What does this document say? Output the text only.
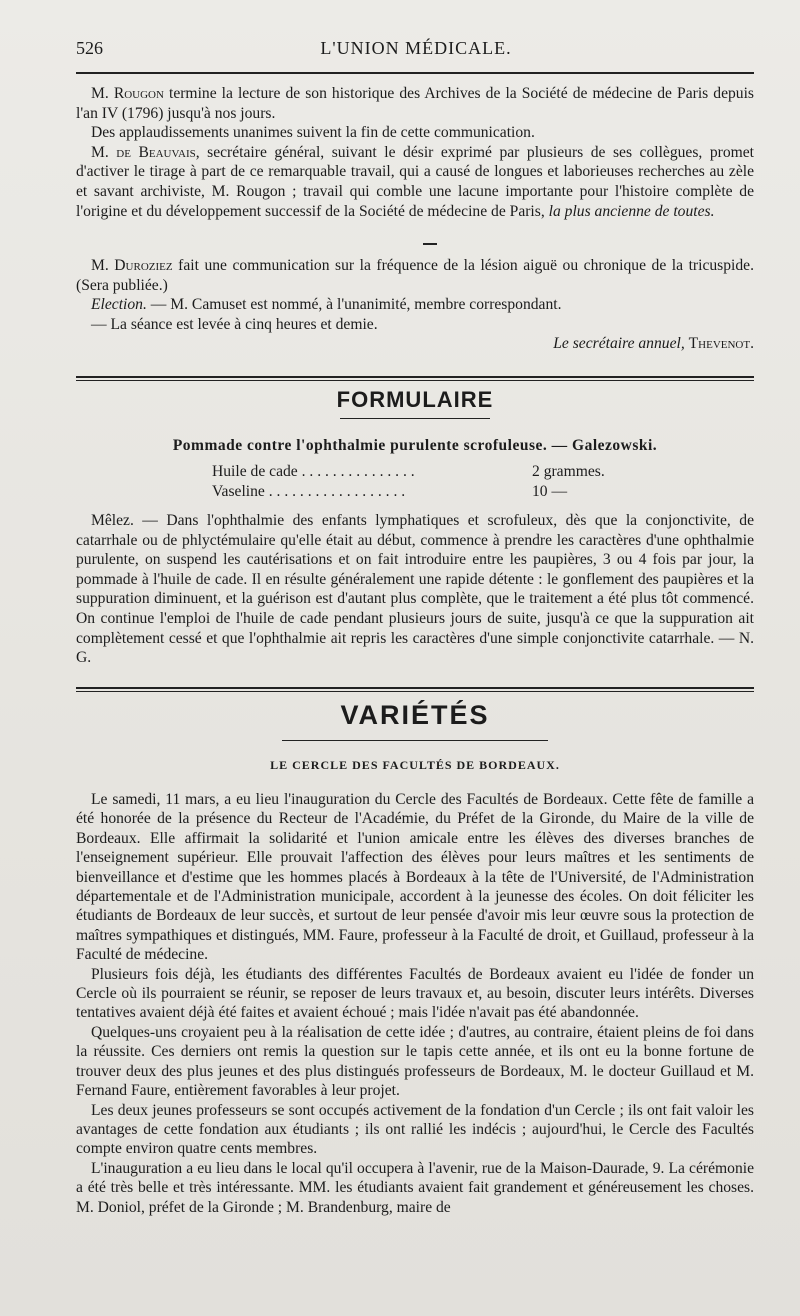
526	L'UNION MÉDICALE.

M. Rougon termine la lecture de son historique des Archives de la Société de médecine de Paris depuis l'an IV (1796) jusqu'à nos jours.

Des applaudissements unanimes suivent la fin de cette communication.

M. de Beauvais, secrétaire général, suivant le désir exprimé par plusieurs de ses collègues, promet d'activer le tirage à part de ce remarquable travail, qui a causé de longues et laborieuses recherches au zèle et savant archiviste, M. Rougon ; travail qui comble une lacune importante pour l'histoire complète de l'origine et du développement successif de la Société de médecine de Paris, la plus ancienne de toutes.

M. Duroziez fait une communication sur la fréquence de la lésion aiguë ou chronique de la tricuspide. (Sera publiée.)

Election. — M. Camuset est nommé, à l'unanimité, membre correspondant.

— La séance est levée à cinq heures et demie.

Le secrétaire annuel, Thevenot.
FORMULAIRE
Pommade contre l'ophthalmie purulente scrofuleuse. — Galezowski.
Huile de cade . . . . . . . . . . . . . . .	2 grammes.
Vaseline . . . . . . . . . . . . . . . . . .	10 —

Mêlez. — Dans l'ophthalmie des enfants lymphatiques et scrofuleux, dès que la conjonctivite, de catarrhale ou de phlyctémulaire qu'elle était au début, commence à prendre les caractères d'une ophthalmie purulente, on suspend les cautérisations et on fait introduire entre les paupières, 3 ou 4 fois par jour, la pommade à l'huile de cade. Il en résulte généralement une rapide détente : le gonflement des paupières et la suppuration diminuent, et la guérison est d'autant plus complète, que le traitement a été plus tôt commencé. On continue l'emploi de l'huile de cade pendant plusieurs jours de suite, jusqu'à ce que la suppuration ait complètement cessé et que l'ophthalmie ait repris les caractères d'une simple conjonctivite catarrhale. — N. G.

VARIÉTÉS
LE CERCLE DES FACULTÉS DE BORDEAUX.

Le samedi, 11 mars, a eu lieu l'inauguration du Cercle des Facultés de Bordeaux. Cette fête de famille a été honorée de la présence du Recteur de l'Académie, du Préfet de la Gironde, du Maire de la ville de Bordeaux. Elle affirmait la solidarité et l'union amicale entre les élèves des diverses branches de l'enseignement supérieur. Elle prouvait l'affection des élèves pour leurs maîtres et les sentiments de bienveillance et d'estime que les hommes placés à Bordeaux à la tête de l'Université, de l'Administration départementale et de l'Administration municipale, accordent à la jeunesse des écoles. On doit féliciter les étudiants de Bordeaux de leur succès, et surtout de leur pensée d'avoir mis leur œuvre sous la protection de maîtres sympathiques et distingués, MM. Faure, professeur à la Faculté de droit, et Guillaud, professeur à la Faculté de médecine.

Plusieurs fois déjà, les étudiants des différentes Facultés de Bordeaux avaient eu l'idée de fonder un Cercle où ils pourraient se réunir, se reposer de leurs travaux et, au besoin, discuter leurs intérêts. Diverses tentatives avaient déjà été faites et avaient échoué ; mais l'idée n'avait pas été abandonnée.

Quelques-uns croyaient peu à la réalisation de cette idée ; d'autres, au contraire, étaient pleins de foi dans la réussite. Ces derniers ont remis la question sur le tapis cette année, et ils ont eu la bonne fortune de trouver deux des plus jeunes et des plus distingués professeurs de Bordeaux, M. le docteur Guillaud et M. Fernand Faure, entièrement favorables à leur projet.

Les deux jeunes professeurs se sont occupés activement de la fondation d'un Cercle ; ils ont fait valoir les avantages de cette fondation aux étudiants ; ils ont rallié les indécis ; aujourd'hui, le Cercle des Facultés compte environ quatre cents membres.

L'inauguration a eu lieu dans le local qu'il occupera à l'avenir, rue de la Maison-Daurade, 9. La cérémonie a été très belle et très intéressante. MM. les étudiants avaient fait grandement et généreusement les choses. M. Doniol, préfet de la Gironde ; M. Brandenburg, maire de
